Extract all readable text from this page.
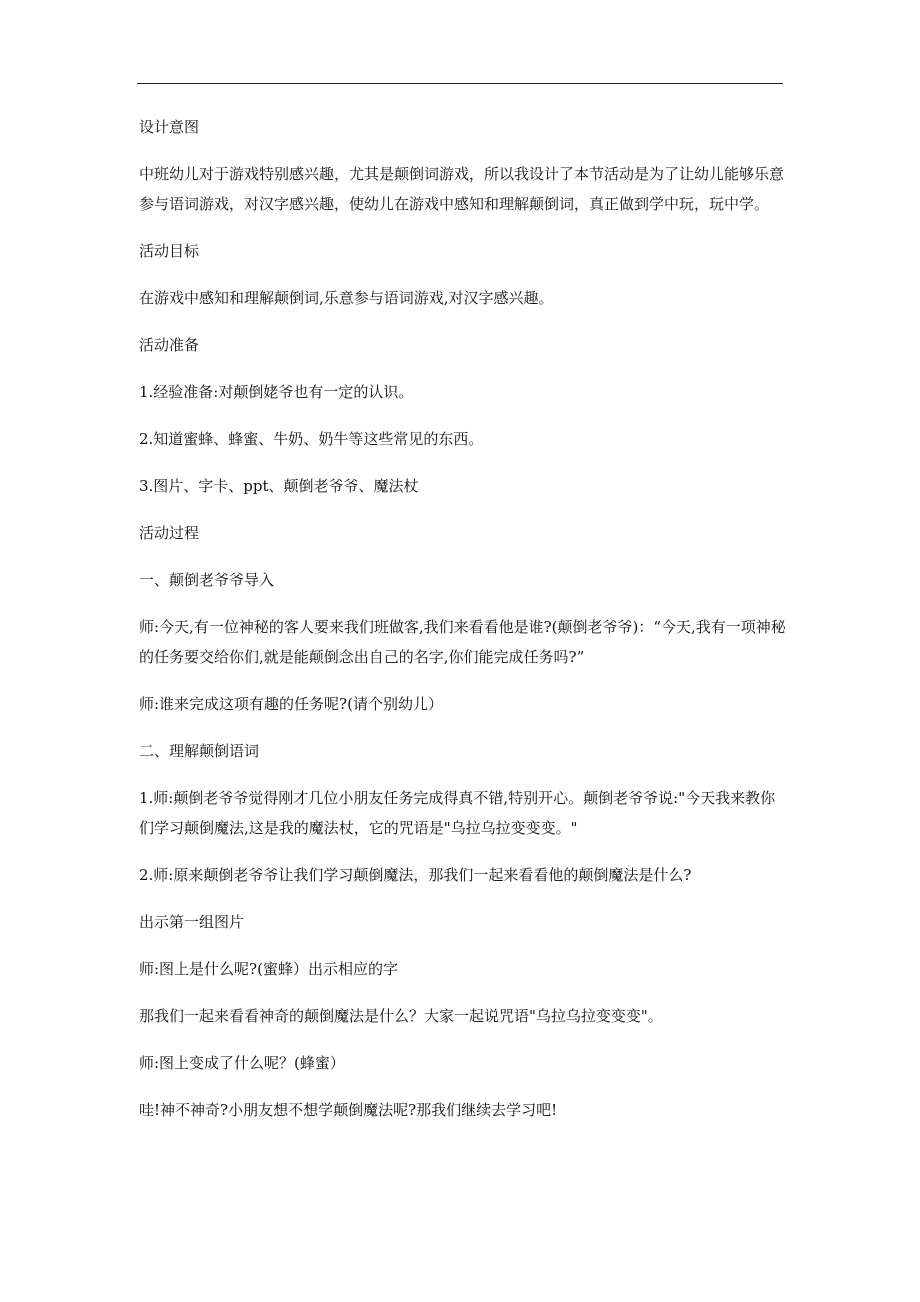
设计意图

中班幼儿对于游戏特别感兴趣，尤其是颠倒词游戏，所以我设计了本节活动是为了让幼儿能够乐意参与语词游戏，对汉字感兴趣，使幼儿在游戏中感知和理解颠倒词，真正做到学中玩，玩中学。

活动目标

在游戏中感知和理解颠倒词,乐意参与语词游戏,对汉字感兴趣。

活动准备

1.经验准备:对颠倒姥爷也有一定的认识。

2.知道蜜蜂、蜂蜜、牛奶、奶牛等这些常见的东西。

3.图片、字卡、ppt、颠倒老爷爷、魔法杖

活动过程

一、颠倒老爷爷导入

师:今天,有一位神秘的客人要来我们班做客,我们来看看他是谁?(颠倒老爷爷)：“今天,我有一项神秘的任务要交给你们,就是能颠倒念出自己的名字,你们能完成任务吗?”

师:谁来完成这项有趣的任务呢?(请个别幼儿）

二、理解颠倒语词

1.师:颠倒老爷爷觉得刚才几位小朋友任务完成得真不错,特别开心。颠倒老爷爷说:"今天我来教你们学习颠倒魔法,这是我的魔法杖，它的咒语是"乌拉乌拉变变变。"

2.师:原来颠倒老爷爷让我们学习颠倒魔法，那我们一起来看看他的颠倒魔法是什么?

出示第一组图片

师:图上是什么呢?(蜜蜂）出示相应的字

那我们一起来看看神奇的颠倒魔法是什么？大家一起说咒语"乌拉乌拉变变变"。

师:图上变成了什么呢？(蜂蜜）

哇!神不神奇?小朋友想不想学颠倒魔法呢?那我们继续去学习吧!
